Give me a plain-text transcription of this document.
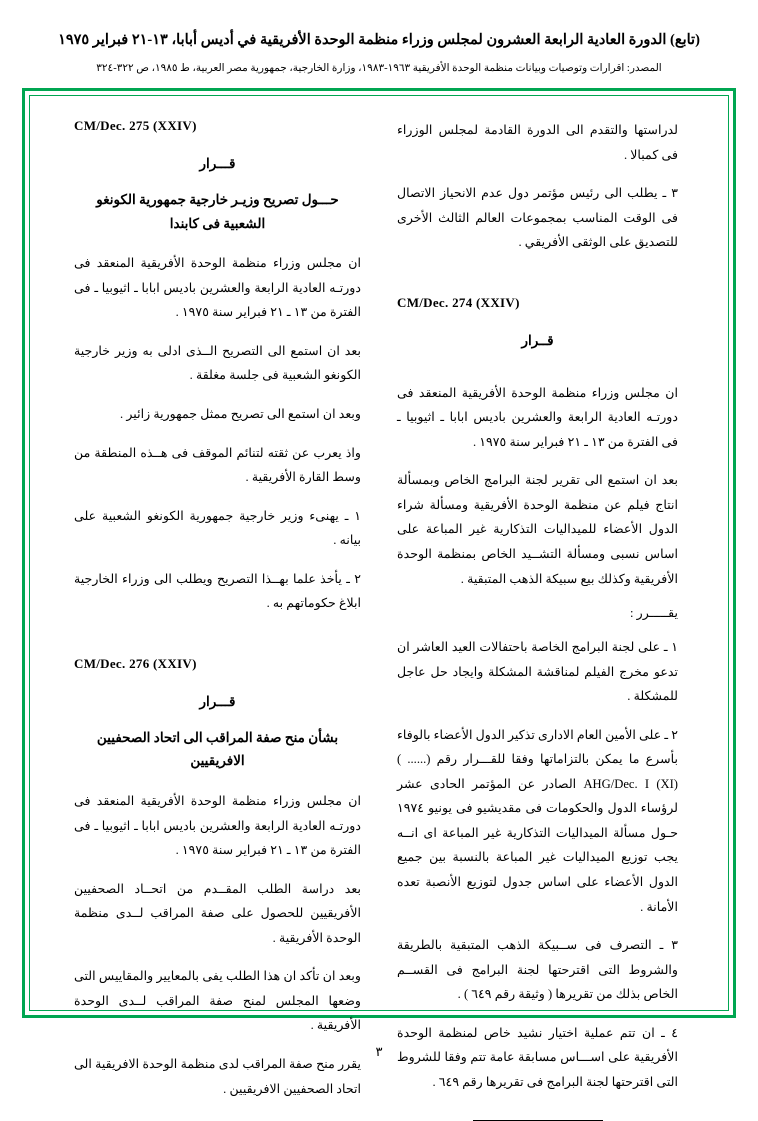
(تابع) الدورة العادية الرابعة العشرون لمجلس وزراء منظمة الوحدة الأفريقية في أديس أبابا، ١٣-٢١ فبراير ١٩٧٥
المصدر: اقرارات وتوصيات وبيانات منظمة الوحدة الأفريقية ١٩٦٣-١٩٨٣، وزارة الخارجية، جمهورية مصر العربية، ط ١٩٨٥، ص ٣٢٢-٣٢٤

لدراستها والتقدم الى الدورة القادمة لمجلس الوزراء فى كمبالا .

٣ ـ يطلب الى رئيس مؤتمر دول عدم الانحياز الاتصال فى الوقت المناسب بمجموعات العالم الثالث الأخرى للتصديق على الوثقى الأفريقي .

CM/Dec. 274 (XXIV)
قــرار

ان مجلس وزراء منظمة الوحدة الأفريقية المنعقد فى دورتـه العادية الرابعة والعشرين باديس ابابا ـ اثيوبيا ـ فى الفترة من ١٣ ـ ٢١ فبراير سنة ١٩٧٥ .

بعد ان استمع الى تقرير لجنة البرامج الخاص وبمسألة انتاج فيلم عن منظمة الوحدة الأفريقية ومسألة شراء الدول الأعضاء للميداليات التذكارية غير المباعة على اساس نسبى ومسألة التشــيد الخاص بمنظمة الوحدة الأفريقية وكذلك بيع سبيكة الذهب المتبقية .

يقـــــرر :

١ ـ على لجنة البرامج الخاصة باحتفالات العيد العاشر ان تدعو مخرج الفيلم لمناقشة المشكلة وايجاد حل عاجل للمشكلة .

٢ ـ على الأمين العام الادارى تذكير الدول الأعضاء بالوفاء بأسرع ما يمكن بالتزاماتها وفقا للقـــرار رقم (...... ) AHG/Dec. I (XI) الصادر عن المؤتمر الحادى عشر لرؤساء الدول والحكومات فى مقديشيو فى يونيو ١٩٧٤ حـول مسألة الميداليات التذكارية غير المباعة اى انــه يجب توزيع الميداليات غير المباعة بالنسبة بين جميع الدول الأعضاء على اساس جدول لتوزيع الأنصبة تعده الأمانة .

٣ ـ التصرف فى ســبيكة الذهب المتبقية بالطريقة والشروط التى اقترحتها لجنة البرامج فى القســم الخاص بذلك من تقريرها ( وثيقة رقم ٦٤٩ ) .

٤ ـ ان تتم عملية اختيار نشيد خاص لمنظمة الوحدة الأفريقية على اســـاس مسابقة عامة تتم وفقا للشروط التى اقترحتها لجنة البرامج فى تقريرها رقم ٦٤٩ .

CM/Dec. 275 (XXIV)
قـــرار
حـــول تصريح وزيـر خارجية جمهورية الكونغو الشعبية فى كابندا

ان مجلس وزراء منظمة الوحدة الأفريقية المنعقد فى دورتـه العادية الرابعة والعشرين باديس ابابا ـ اثيوبيا ـ فى الفترة من ١٣ ـ ٢١ فبراير سنة ١٩٧٥ .

بعد ان استمع الى التصريح الــذى ادلى به وزير خارجية الكونغو الشعبية فى جلسة مغلقة .

وبعد ان استمع الى تصريح ممثل جمهورية زائير .

واذ يعرب عن ثقته لتنائم الموقف فى هــذه المنطقة من وسط القارة الأفريقية .

١ ـ يهنىء وزير خارجية جمهورية الكونغو الشعبية على بيانه .

٢ ـ يأخذ علما بهــذا التصريح ويطلب الى وزراء الخارجية ابلاغ حكوماتهم به .

CM/Dec. 276 (XXIV)
قـــرار
بشأن منح صفة المراقب الى اتحاد الصحفيين الافريقيين

ان مجلس وزراء منظمة الوحدة الأفريقية المنعقد فى دورتـه العادية الرابعة والعشرين باديس ابابا ـ اثيوبيا ـ فى الفترة من ١٣ ـ ٢١ فبراير سنة ١٩٧٥ .

بعد دراسة الطلب المقــدم من اتحــاد الصحفيين الأفريقيين للحصول على صفة المراقب لــدى منظمة الوحدة الأفريقية .

وبعد ان تأكد ان هذا الطلب يفى بالمعايير والمقاييس التى وضعها المجلس لمنح صفة المراقب لــدى الوحدة الأفريقية .

يقرر منح صفة المراقب لدى منظمة الوحدة الافريقية الى اتحاد الصحفيين الافريقيين .

٣
